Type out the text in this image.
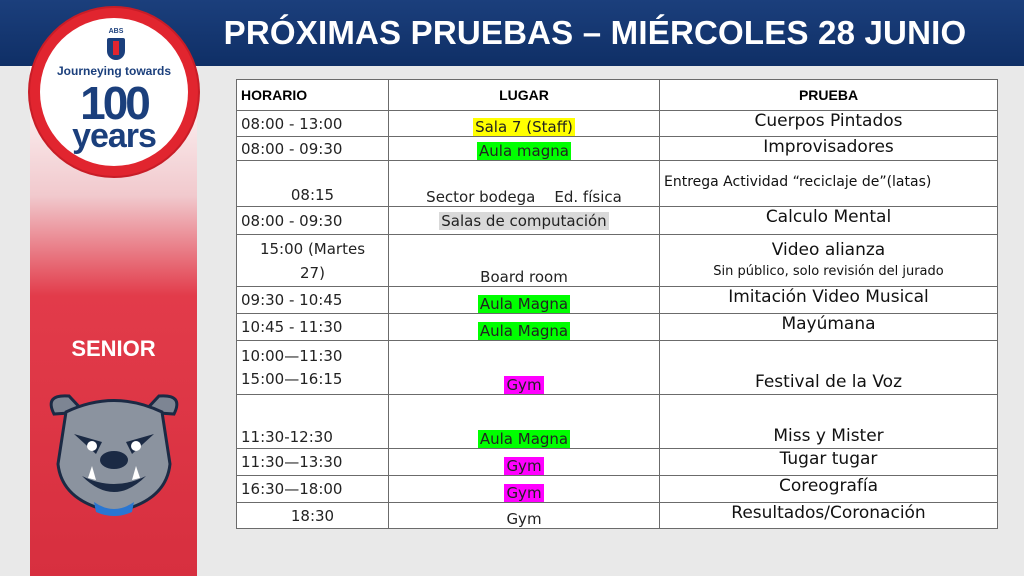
PRÓXIMAS PRUEBAS – MIÉRCOLES 28 JUNIO
ABS
Journeying towards
100
years
SENIOR
HORARIO	LUGAR	PRUEBA
08:00 - 13:00	Sala 7 (Staff)	Cuerpos Pintados
08:00 - 09:30	Aula magna	Improvisadores
08:15	Sector bodega    Ed. física	Entrega Actividad “reciclaje de”(latas)

08:00 - 09:30	Salas de computación	Calculo Mental

15:00 (Martes
27)	Board room	Video alianza
Sin público, solo revisión del jurado

09:30 - 10:45	Aula Magna	Imitación Video Musical
10:45 - 11:30	Aula Magna	Mayúmana

10:00—11:30
15:00—16:15	Gym	Festival de la Voz
11:30-12:30	Aula Magna	Miss y Mister
11:30—13:30	Gym	Tugar tugar
16:30—18:00	Gym	Coreografía
18:30	Gym	Resultados/Coronación
